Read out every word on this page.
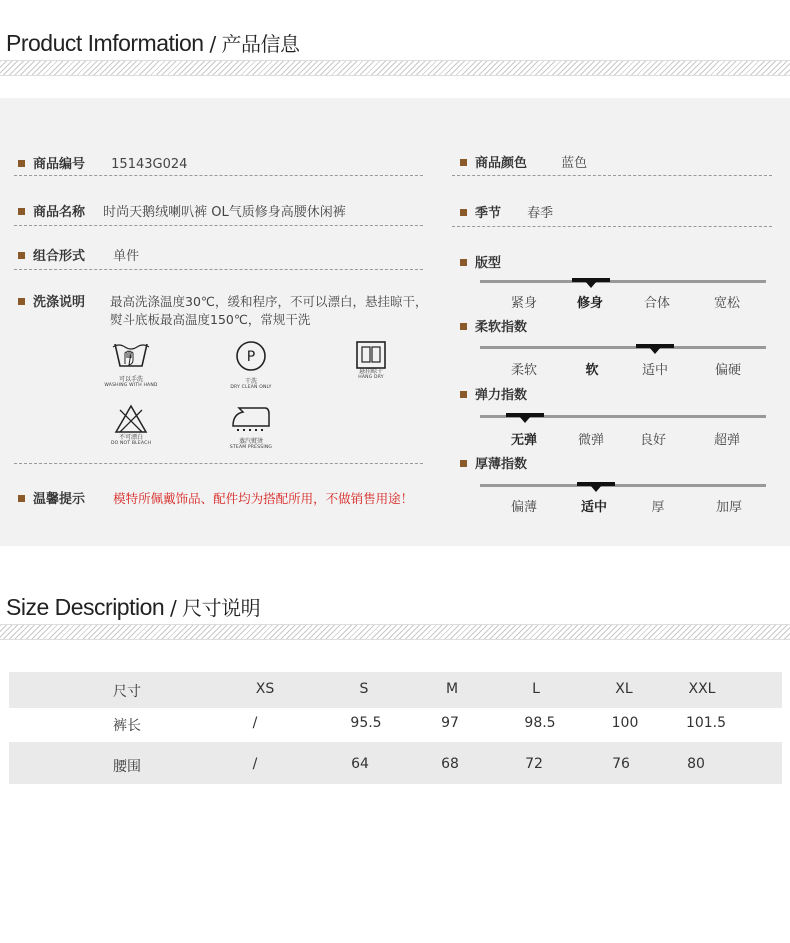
Product Imformation / 产品信息
商品编号 15143G024
商品名称 时尚天鹅绒喇叭裤 OL气质修身高腰休闲裤
组合形式 单件
洗涤说明 最高洗涤温度30℃，缓和程序，不可以漂白，悬挂晾干，
熨斗底板最高温度150℃，常规干洗
可以手洗
WASHING WITH HAND
P
干洗
DRY CLEAN ONLY
悬挂晾干
HANG DRY
不可漂白
DO NOT BLEACH	蒸汽熨烫
STEAM PRESSING
温馨提示 模特所佩戴饰品、配件均为搭配所用，不做销售用途！
商品颜色	蓝色
季节 春季
版型
紧身	修身	合体	宽松
柔软指数
柔软	软	适中	偏硬
弹力指数
无弹	微弹	良好	超弹
厚薄指数
偏薄	适中	厚	加厚
Size Description / 尺寸说明
尺寸	XS	S	M	L	XL	XXL
裤长	/	95.5	97	98.5	100	101.5
腰围	/	64	68	72	76	80
